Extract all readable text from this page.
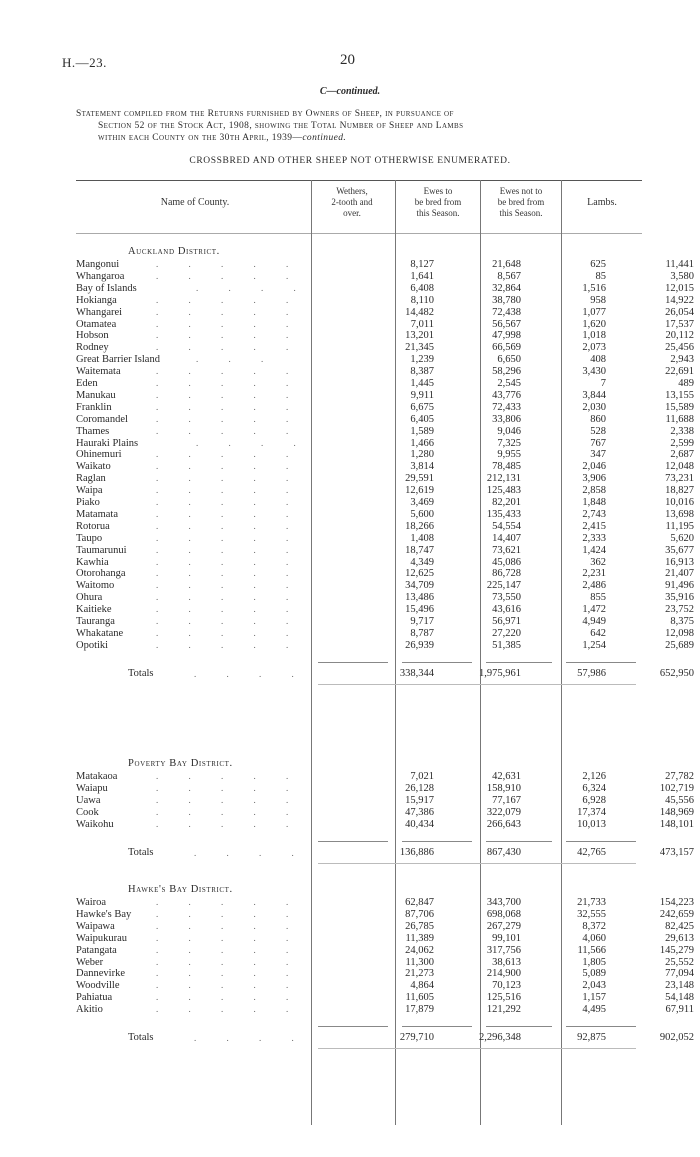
H.—23.	20
C—continued.
Statement compiled from the Returns furnished by Owners of Sheep, in pursuance of
Section 52 of the Stock Act, 1908, showing the Total Number of Sheep and Lambs
within each County on the 30th April, 1939—continued.
CROSSBRED AND OTHER SHEEP NOT OTHERWISE ENUMERATED.
Name of County.
Wethers,
2-tooth and
over.
Ewes to
be bred from
this Season.
Ewes not to
be bred from
this Season.
Lambs.
Auckland District.
Mangonui	. . . . .	8,127	21,648	625	11,441
Whangaroa	. . . . .	1,641	8,567	85	3,580
Bay of Islands	. . . .	6,408	32,864	1,516	12,015
Hokianga	. . . . .	8,110	38,780	958	14,922
Whangarei	. . . . .	14,482	72,438	1,077	26,054
Otamatea	. . . . .	7,011	56,567	1,620	17,537
Hobson	. . . . .	13,201	47,998	1,018	20,112
Rodney	. . . . .	21,345	66,569	2,073	25,456
Great Barrier Island	. . .	1,239	6,650	408	2,943
Waitemata	. . . . .	8,387	58,296	3,430	22,691
Eden	. . . . .	1,445	2,545	7	489
Manukau	. . . . .	9,911	43,776	3,844	13,155
Franklin	. . . . .	6,675	72,433	2,030	15,589
Coromandel	. . . . .	6,405	33,806	860	11,688
Thames	. . . . .	1,589	9,046	528	2,338
Hauraki Plains	. . . .	1,466	7,325	767	2,599
Ohinemuri	. . . . .	1,280	9,955	347	2,687
Waikato	. . . . .	3,814	78,485	2,046	12,048
Raglan	. . . . .	29,591	212,131	3,906	73,231
Waipa	. . . . .	12,619	125,483	2,858	18,827
Piako	. . . . .	3,469	82,201	1,848	10,016
Matamata	. . . . .	5,600	135,433	2,743	13,698
Rotorua	. . . . .	18,266	54,554	2,415	11,195
Taupo	. . . . .	1,408	14,407	2,333	5,620
Taumarunui	. . . . .	18,747	73,621	1,424	35,677
Kawhia	. . . . .	4,349	45,086	362	16,913
Otorohanga	. . . . .	12,625	86,728	2,231	21,407
Waitomo	. . . . .	34,709	225,147	2,486	91,496
Ohura	. . . . .	13,486	73,550	855	35,916
Kaitieke	. . . . .	15,496	43,616	1,472	23,752
Tauranga	. . . . .	9,717	56,971	4,949	8,375
Whakatane	. . . . .	8,787	27,220	642	12,098
Opotiki	. . . . .	26,939	51,385	1,254	25,689
Totals	. . . .	338,344	1,975,961	57,986	652,950
Poverty Bay District.
Matakaoa	. . . . .	7,021	42,631	2,126	27,782
Waiapu	. . . . .	26,128	158,910	6,324	102,719
Uawa	. . . . .	15,917	77,167	6,928	45,556
Cook	. . . . .	47,386	322,079	17,374	148,969
Waikohu	. . . . .	40,434	266,643	10,013	148,101
Totals	. . . .	136,886	867,430	42,765	473,157
Hawke's Bay District.
Wairoa	. . . . .	62,847	343,700	21,733	154,223
Hawke's Bay	. . . . .	87,706	698,068	32,555	242,659
Waipawa	. . . . .	26,785	267,279	8,372	82,425
Waipukurau	. . . . .	11,389	99,101	4,060	29,613
Patangata	. . . . .	24,062	317,756	11,566	145,279
Weber	. . . . .	11,300	38,613	1,805	25,552
Dannevirke	. . . . .	21,273	214,900	5,089	77,094
Woodville	. . . . .	4,864	70,123	2,043	23,148
Pahiatua	. . . . .	11,605	125,516	1,157	54,148
Akitio	. . . . .	17,879	121,292	4,495	67,911
Totals	. . . .	279,710	2,296,348	92,875	902,052
